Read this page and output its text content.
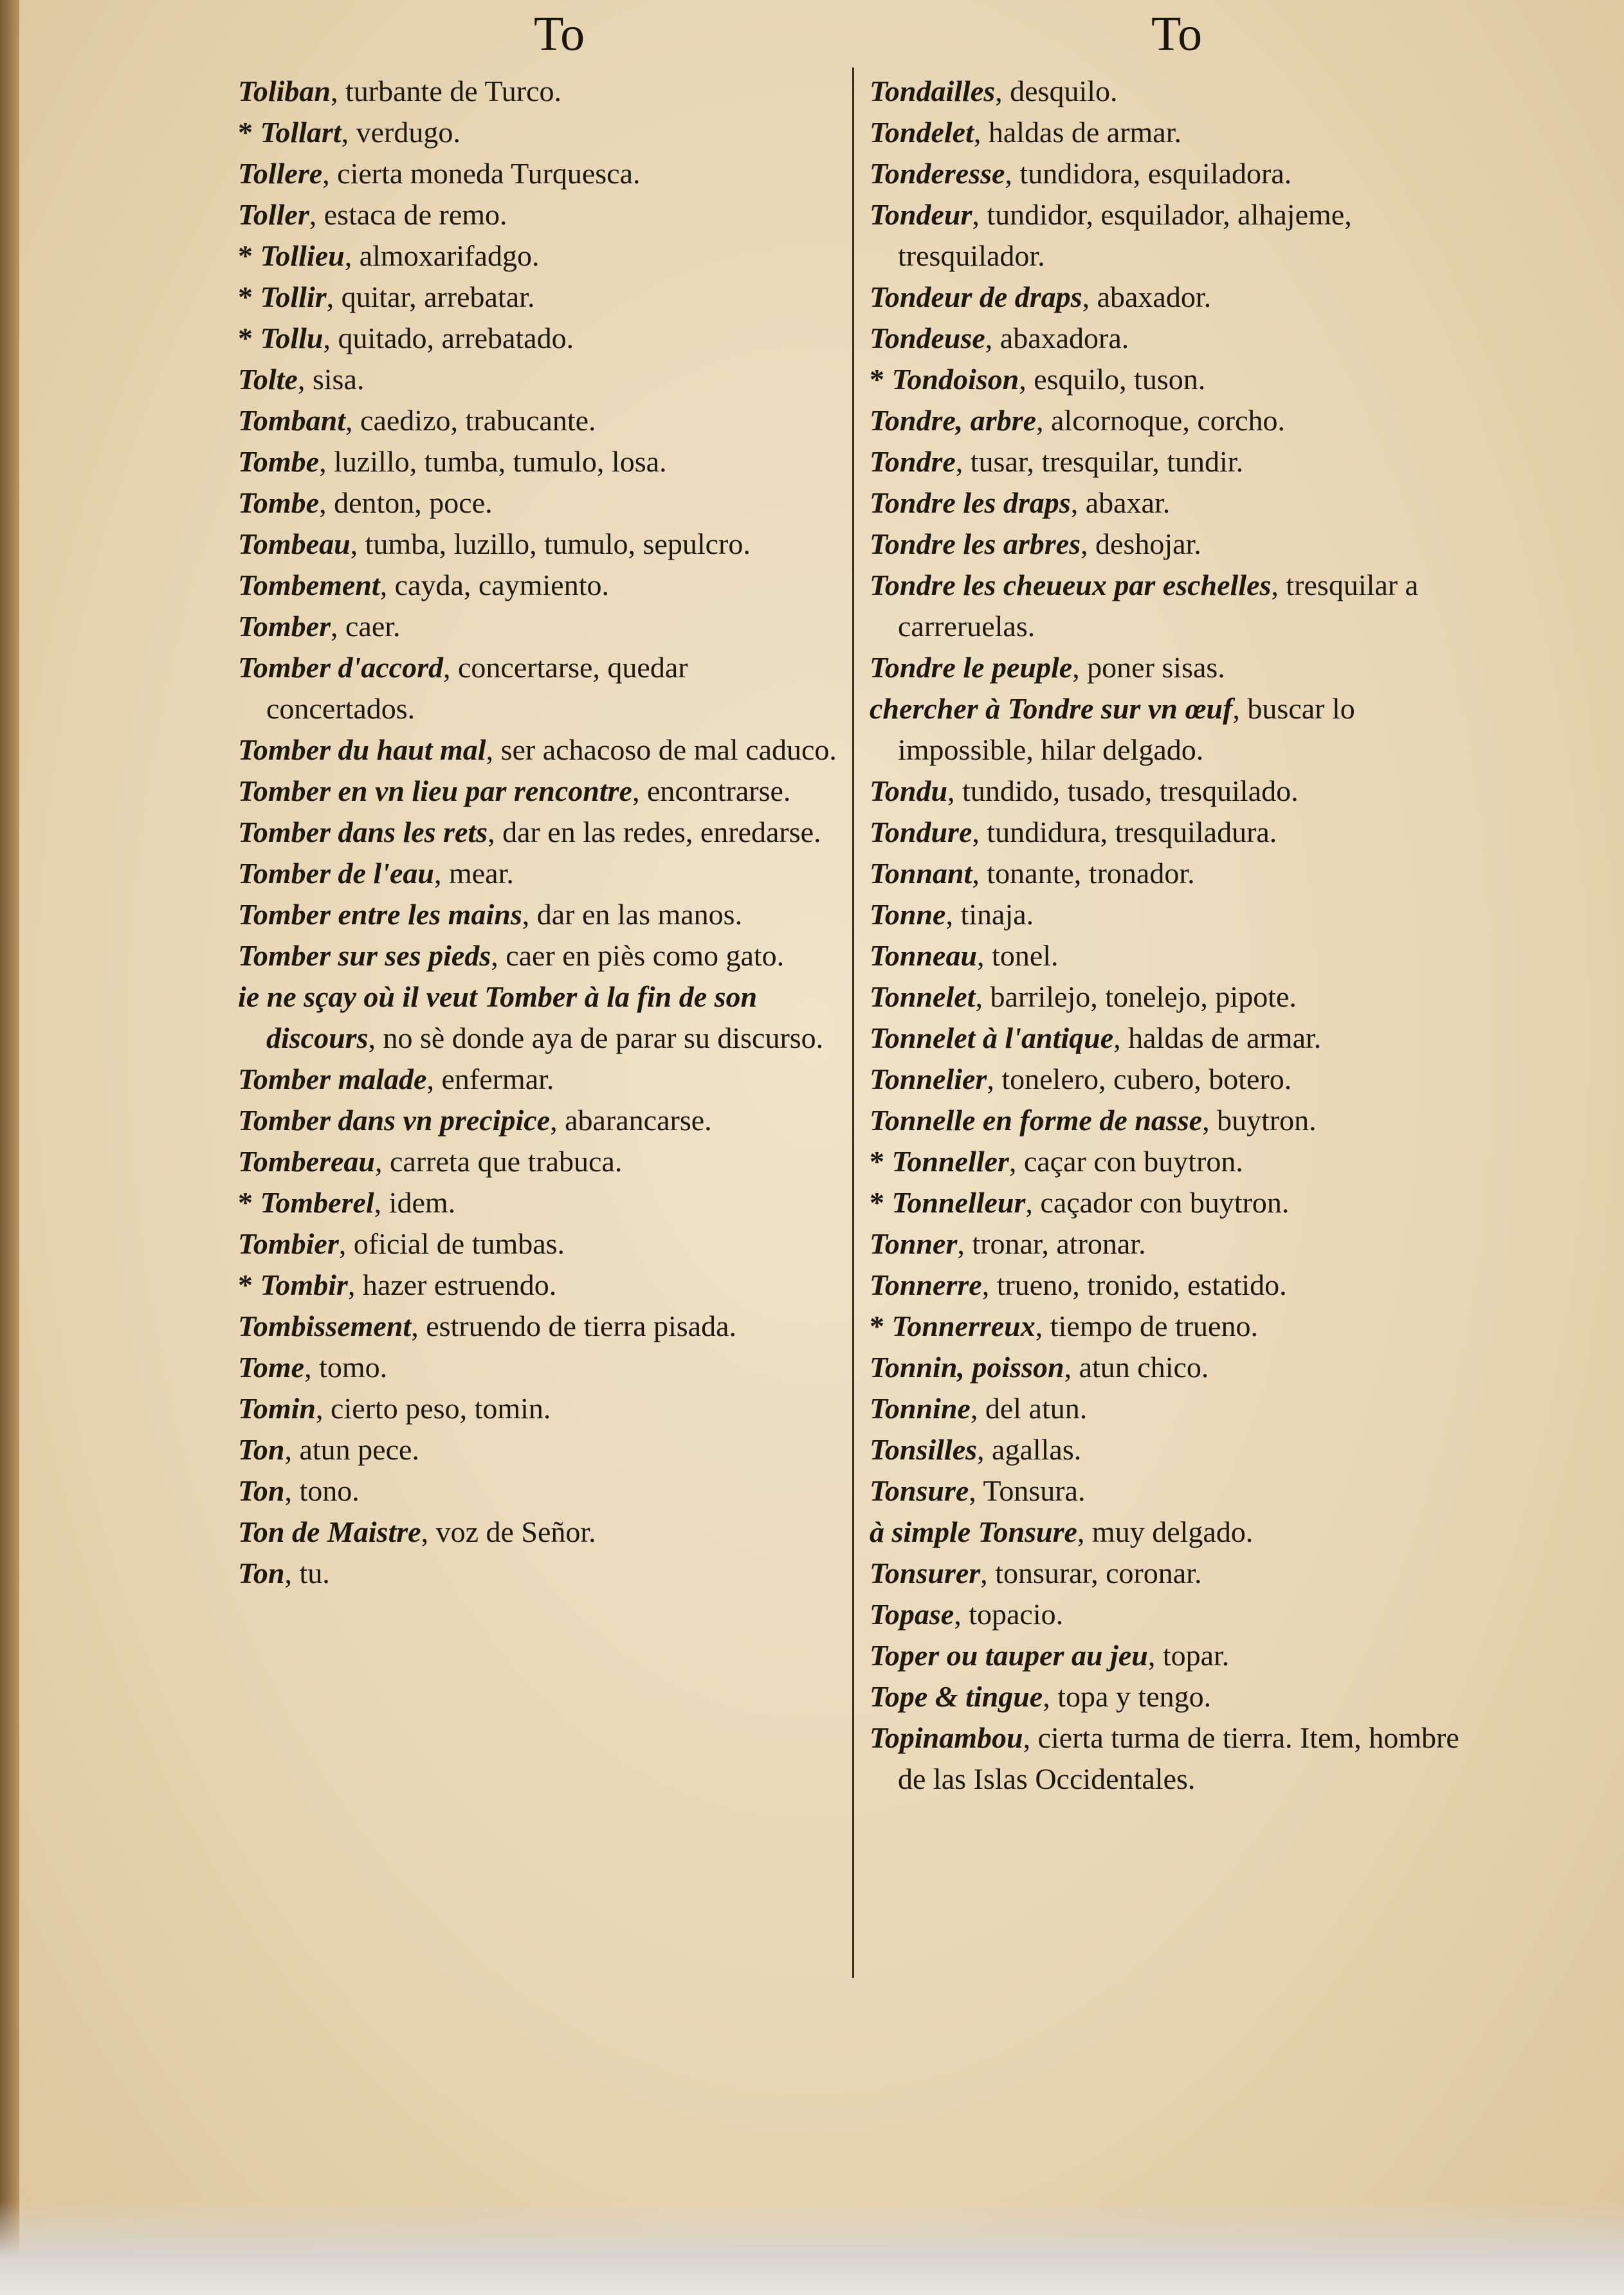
To	To
Toliban, turbante de Turco.
* Tollart, verdugo.
Tollere, cierta moneda Turquesca.
Toller, estaca de remo.
* Tollieu, almoxarifadgo.
* Tollir, quitar, arrebatar.
* Tollu, quitado, arrebatado.
Tolte, sisa.
Tombant, caedizo, trabucante.
Tombe, luzillo, tumba, tumulo, losa.
Tombe, denton, poce.
Tombeau, tumba, luzillo, tumulo, sepulcro.
Tombement, cayda, caymiento.
Tomber, caer.
Tomber d'accord, concertarse, quedar concertados.
Tomber du haut mal, ser achacoso de mal caduco.
Tomber en vn lieu par rencontre, encontrarse.
Tomber dans les rets, dar en las redes, enredarse.
Tomber de l'eau, mear.
Tomber entre les mains, dar en las manos.
Tomber sur ses pieds, caer en piès como gato.
ie ne sçay où il veut Tomber à la fin de son discours, no sè donde aya de parar su discurso.
Tomber malade, enfermar.
Tomber dans vn precipice, abarancarse.
Tombereau, carreta que trabuca.
* Tomberel, idem.
Tombier, oficial de tumbas.
* Tombir, hazer estruendo.
Tombissement, estruendo de tierra pisada.
Tome, tomo.
Tomin, cierto peso, tomin.
Ton, atun pece.
Ton, tono.
Ton de Maistre, voz de Señor.
Ton, tu.
Tondailles, desquilo.
Tondelet, haldas de armar.
Tonderesse, tundidora, esquiladora.
Tondeur, tundidor, esquilador, alhajeme, tresquilador.
Tondeur de draps, abaxador.
Tondeuse, abaxadora.
* Tondoison, esquilo, tuson.
Tondre, arbre, alcornoque, corcho.
Tondre, tusar, tresquilar, tundir.
Tondre les draps, abaxar.
Tondre les arbres, deshojar.
Tondre les cheueux par eschelles, tresquilar a carreruelas.
Tondre le peuple, poner sisas.
chercher à Tondre sur vn œuf, buscar lo impossible, hilar delgado.
Tondu, tundido, tusado, tresquilado.
Tondure, tundidura, tresquiladura.
Tonnant, tonante, tronador.
Tonne, tinaja.
Tonneau, tonel.
Tonnelet, barrilejo, tonelejo, pipote.
Tonnelet à l'antique, haldas de armar.
Tonnelier, tonelero, cubero, botero.
Tonnelle en forme de nasse, buytron.
* Tonneller, caçar con buytron.
* Tonnelleur, caçador con buytron.
Tonner, tronar, atronar.
Tonnerre, trueno, tronido, estatido.
* Tonnerreux, tiempo de trueno.
Tonnin, poisson, atun chico.
Tonnine, del atun.
Tonsilles, agallas.
Tonsure, Tonsura.
à simple Tonsure, muy delgado.
Tonsurer, tonsurar, coronar.
Topase, topacio.
Toper ou tauper au jeu, topar.
Tope & tingue, topa y tengo.
Topinambou, cierta turma de tierra. Item, hombre de las Islas Occidentales.
